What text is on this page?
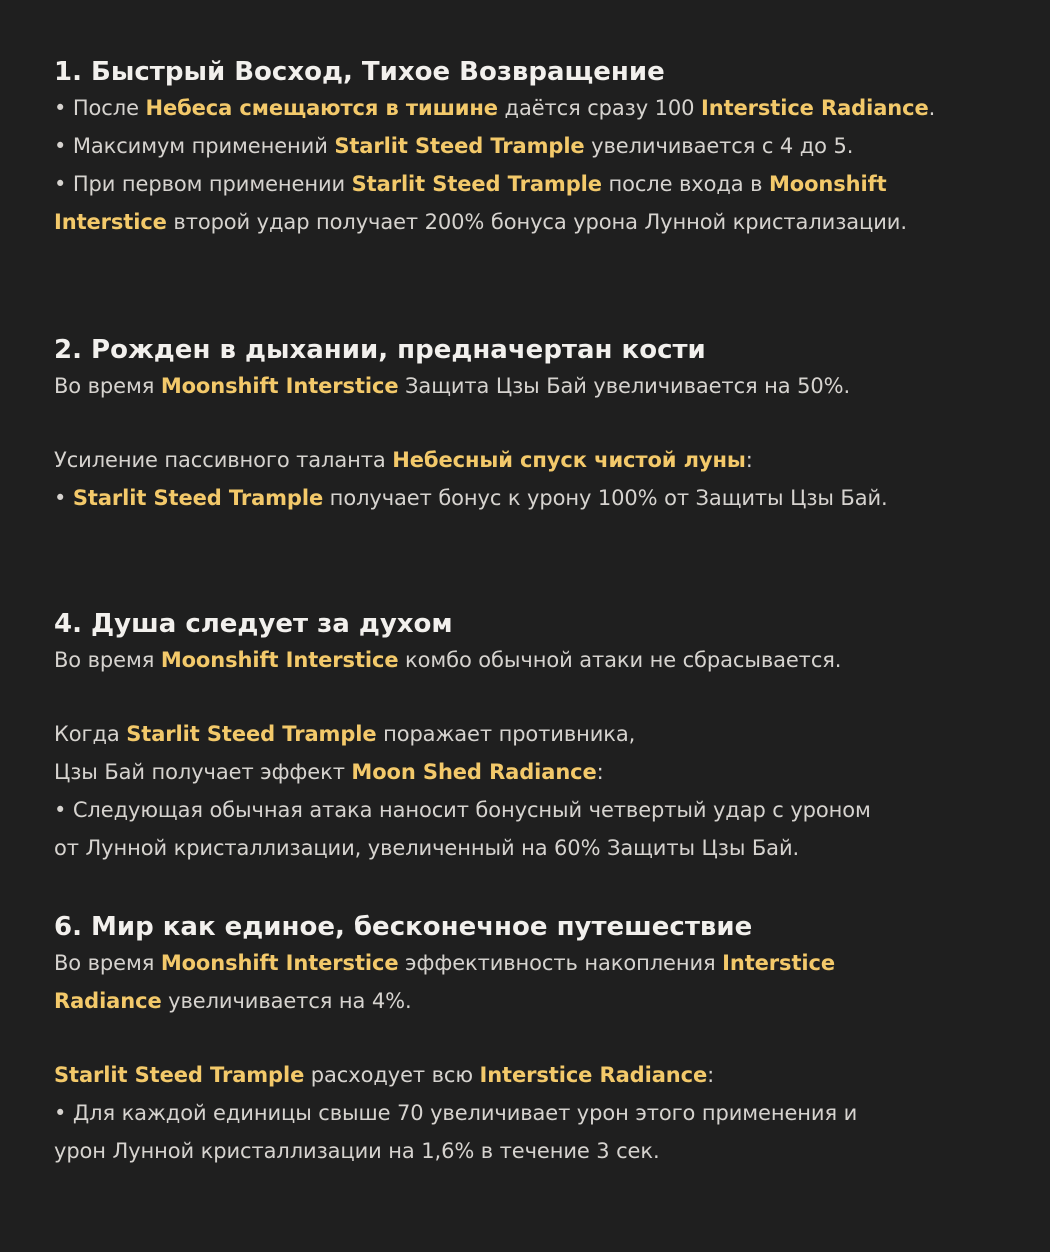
1. Быстрый Восход, Тихое Возвращение
• После Небеса смещаются в тишине даётся сразу 100 Interstice Radiance.
• Максимум применений Starlit Steed Trample увеличивается с 4 до 5.
• При первом применении Starlit Steed Trample после входа в Moonshift
Interstice второй удар получает 200% бонуса урона Лунной кристализации.
2. Рожден в дыхании, предначертан кости
Во время Moonshift Interstice Защита Цзы Бай увеличивается на 50%.
Усиление пассивного таланта Небесный спуск чистой луны:
• Starlit Steed Trample получает бонус к урону 100% от Защиты Цзы Бай.
4. Душа следует за духом
Во время Moonshift Interstice комбо обычной атаки не сбрасывается.
Когда Starlit Steed Trample поражает противника,
Цзы Бай получает эффект Moon Shed Radiance:
• Следующая обычная атака наносит бонусный четвертый удар с уроном
от Лунной кристаллизации, увеличенный на 60% Защиты Цзы Бай.
6. Мир как единое, бесконечное путешествие
Во время Moonshift Interstice эффективность накопления Interstice
Radiance увеличивается на 4%.
Starlit Steed Trample расходует всю Interstice Radiance:
• Для каждой единицы свыше 70 увеличивает урон этого применения и
урон Лунной кристаллизации на 1,6% в течение 3 сек.
